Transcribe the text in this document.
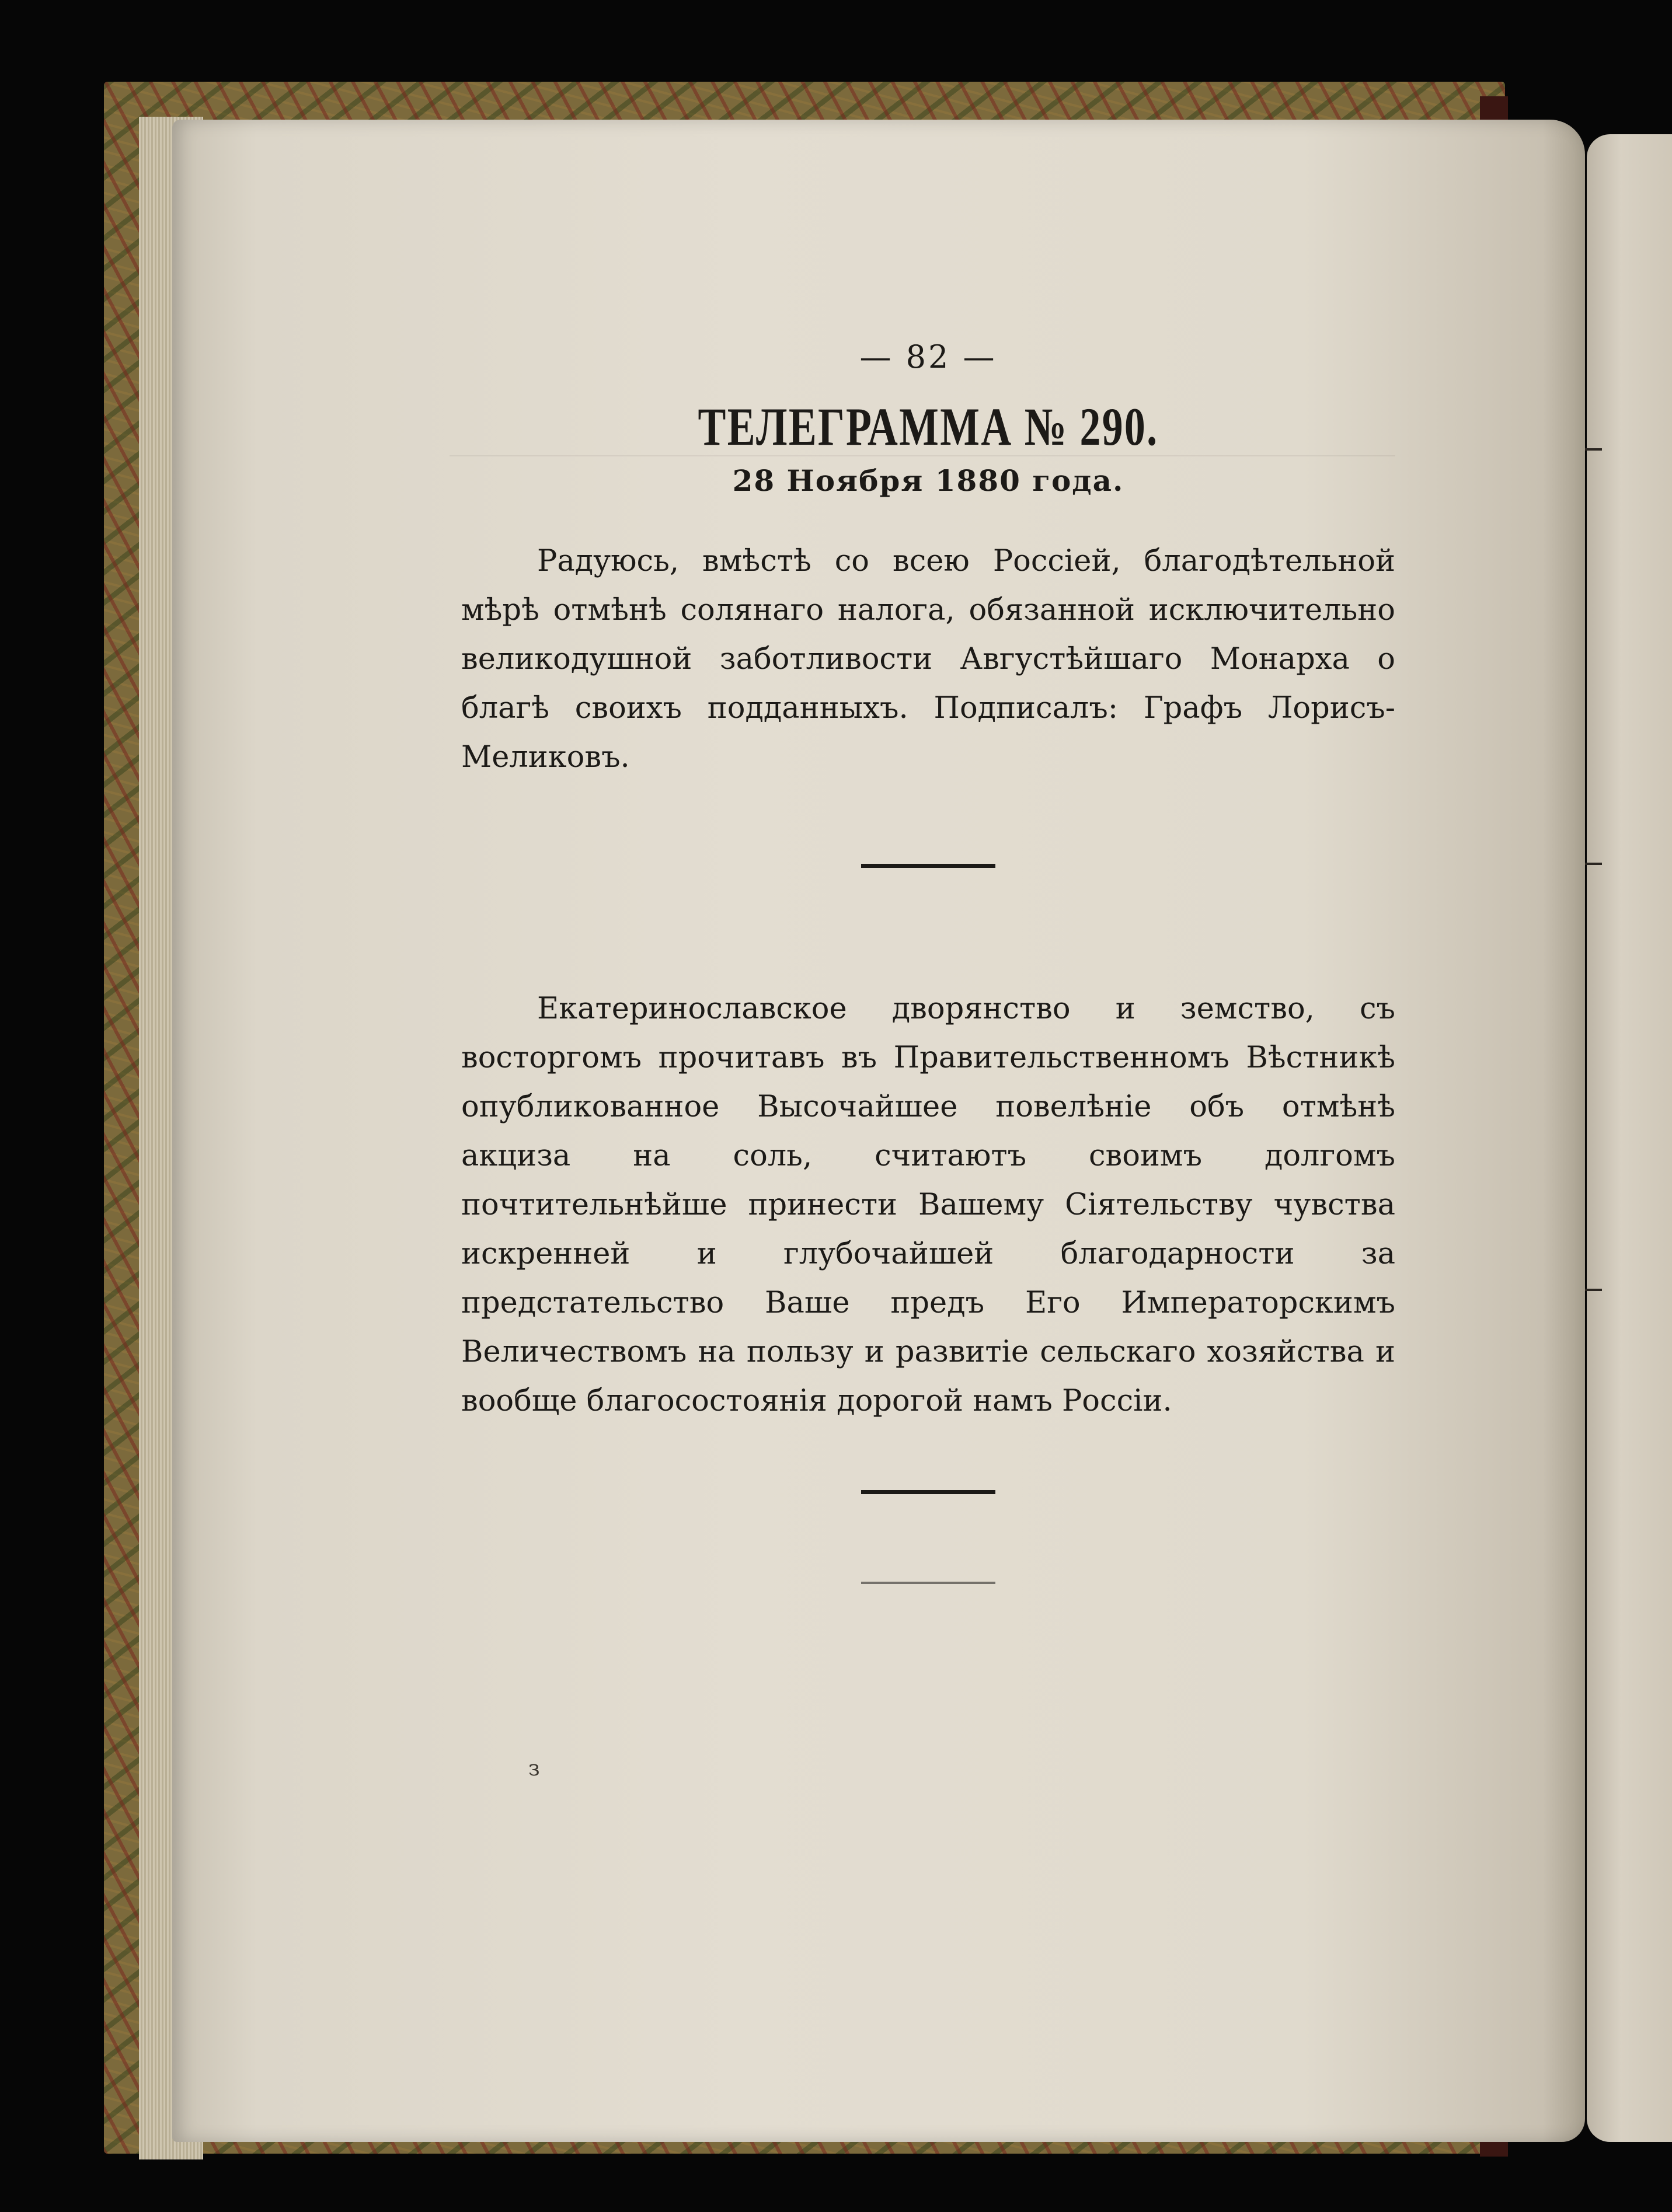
— 82 —
ТЕЛЕГРАММА № 290.
28 Ноября 1880 года.

Радуюсь, вмѣстѣ со всею Россiей, благодѣтельной мѣрѣ отмѣнѣ солянаго налога, обязанной исключительно великодушной заботливости Августѣйшаго Монарха о благѣ своихъ подданныхъ. Подписалъ: Графъ Лорисъ-Меликовъ.

Екатеринославское дворянство и земство, съ восторгомъ прочитавъ въ Правительственномъ Вѣстникѣ опубликованное Высочайшее повелѣнiе объ отмѣнѣ акциза на соль, считаютъ своимъ долгомъ почтительнѣйше принести Вашему Сiятельству чувства искренней и глубочайшей благодарности за предстательство Ваше предъ Его Императорскимъ Величествомъ на пользу и развитiе сельскаго хозяйства и вообще благосостоянiя дорогой намъ Россiи.

з
